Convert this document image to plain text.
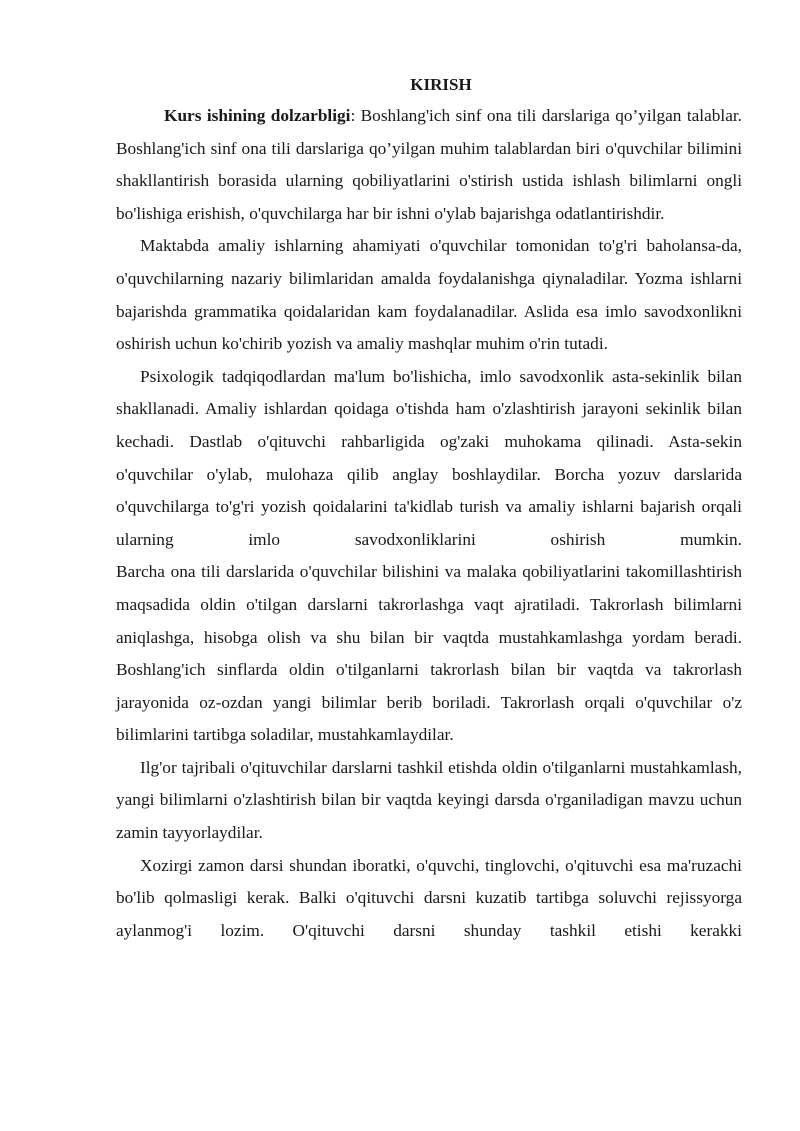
KIRISH

Kurs ishining dolzarbligi: Boshlang'ich sinf ona tili darslariga qo’yilgan talablar. Boshlang'ich sinf ona tili darslariga qo’yilgan muhim talablardan biri o'quvchilar bilimini shakllantirish borasida ularning qobiliyatlarini o'stirish ustida ishlash bilimlarni ongli bo'lishiga erishish, o'quvchilarga har bir ishni o'ylab bajarishga odatlantirishdir.

Maktabda amaliy ishlarning ahamiyati o'quvchilar tomonidan to'g'ri baholansa-da, o'quvchilarning nazariy bilimlaridan amalda foydalanishga qiynaladilar. Yozma ishlarni bajarishda grammatika qoidalaridan kam foydalanadilar. Aslida esa imlo savodxonlikni oshirish uchun ko'chirib yozish va amaliy mashqlar muhim o'rin tutadi.

Psixologik tadqiqodlardan ma'lum bo'lishicha, imlo savodxonlik asta-sekinlik bilan shakllanadi. Amaliy ishlardan qoidaga o'tishda ham o'zlashtirish jarayoni sekinlik bilan kechadi. Dastlab o'qituvchi rahbarligida og'zaki muhokama qilinadi. Asta-sekin o'quvchilar o'ylab, mulohaza qilib anglay boshlaydilar. Borcha yozuv darslarida o'quvchilarga to'g'ri yozish qoidalarini ta'kidlab turish va amaliy ishlarni bajarish orqali ularning imlo savodxonliklarini oshirish mumkin.

Barcha ona tili darslarida o'quvchilar bilishini va malaka qobiliyatlarini takomillashtirish maqsadida oldin o'tilgan darslarni takrorlashga vaqt ajratiladi. Takrorlash bilimlarni aniqlashga, hisobga olish va shu bilan bir vaqtda mustahkamlashga yordam beradi. Boshlang'ich sinflarda oldin o'tilganlarni takrorlash bilan bir vaqtda va takrorlash jarayonida oz-ozdan yangi bilimlar berib boriladi. Takrorlash orqali o'quvchilar o'z bilimlarini tartibga soladilar, mustahkamlaydilar.

Ilg'or tajribali o'qituvchilar darslarni tashkil etishda oldin o'tilganlarni mustahkamlash, yangi bilimlarni o'zlashtirish bilan bir vaqtda keyingi darsda o'rganiladigan mavzu uchun zamin tayyorlaydilar.

Xozirgi zamon darsi shundan iboratki, o'quvchi, tinglovchi, o'qituvchi esa ma'ruzachi bo'lib qolmasligi kerak. Balki o'qituvchi darsni kuzatib tartibga soluvchi rejissyorga aylanmog'i lozim. O'qituvchi darsni shunday tashkil etishi kerakki
